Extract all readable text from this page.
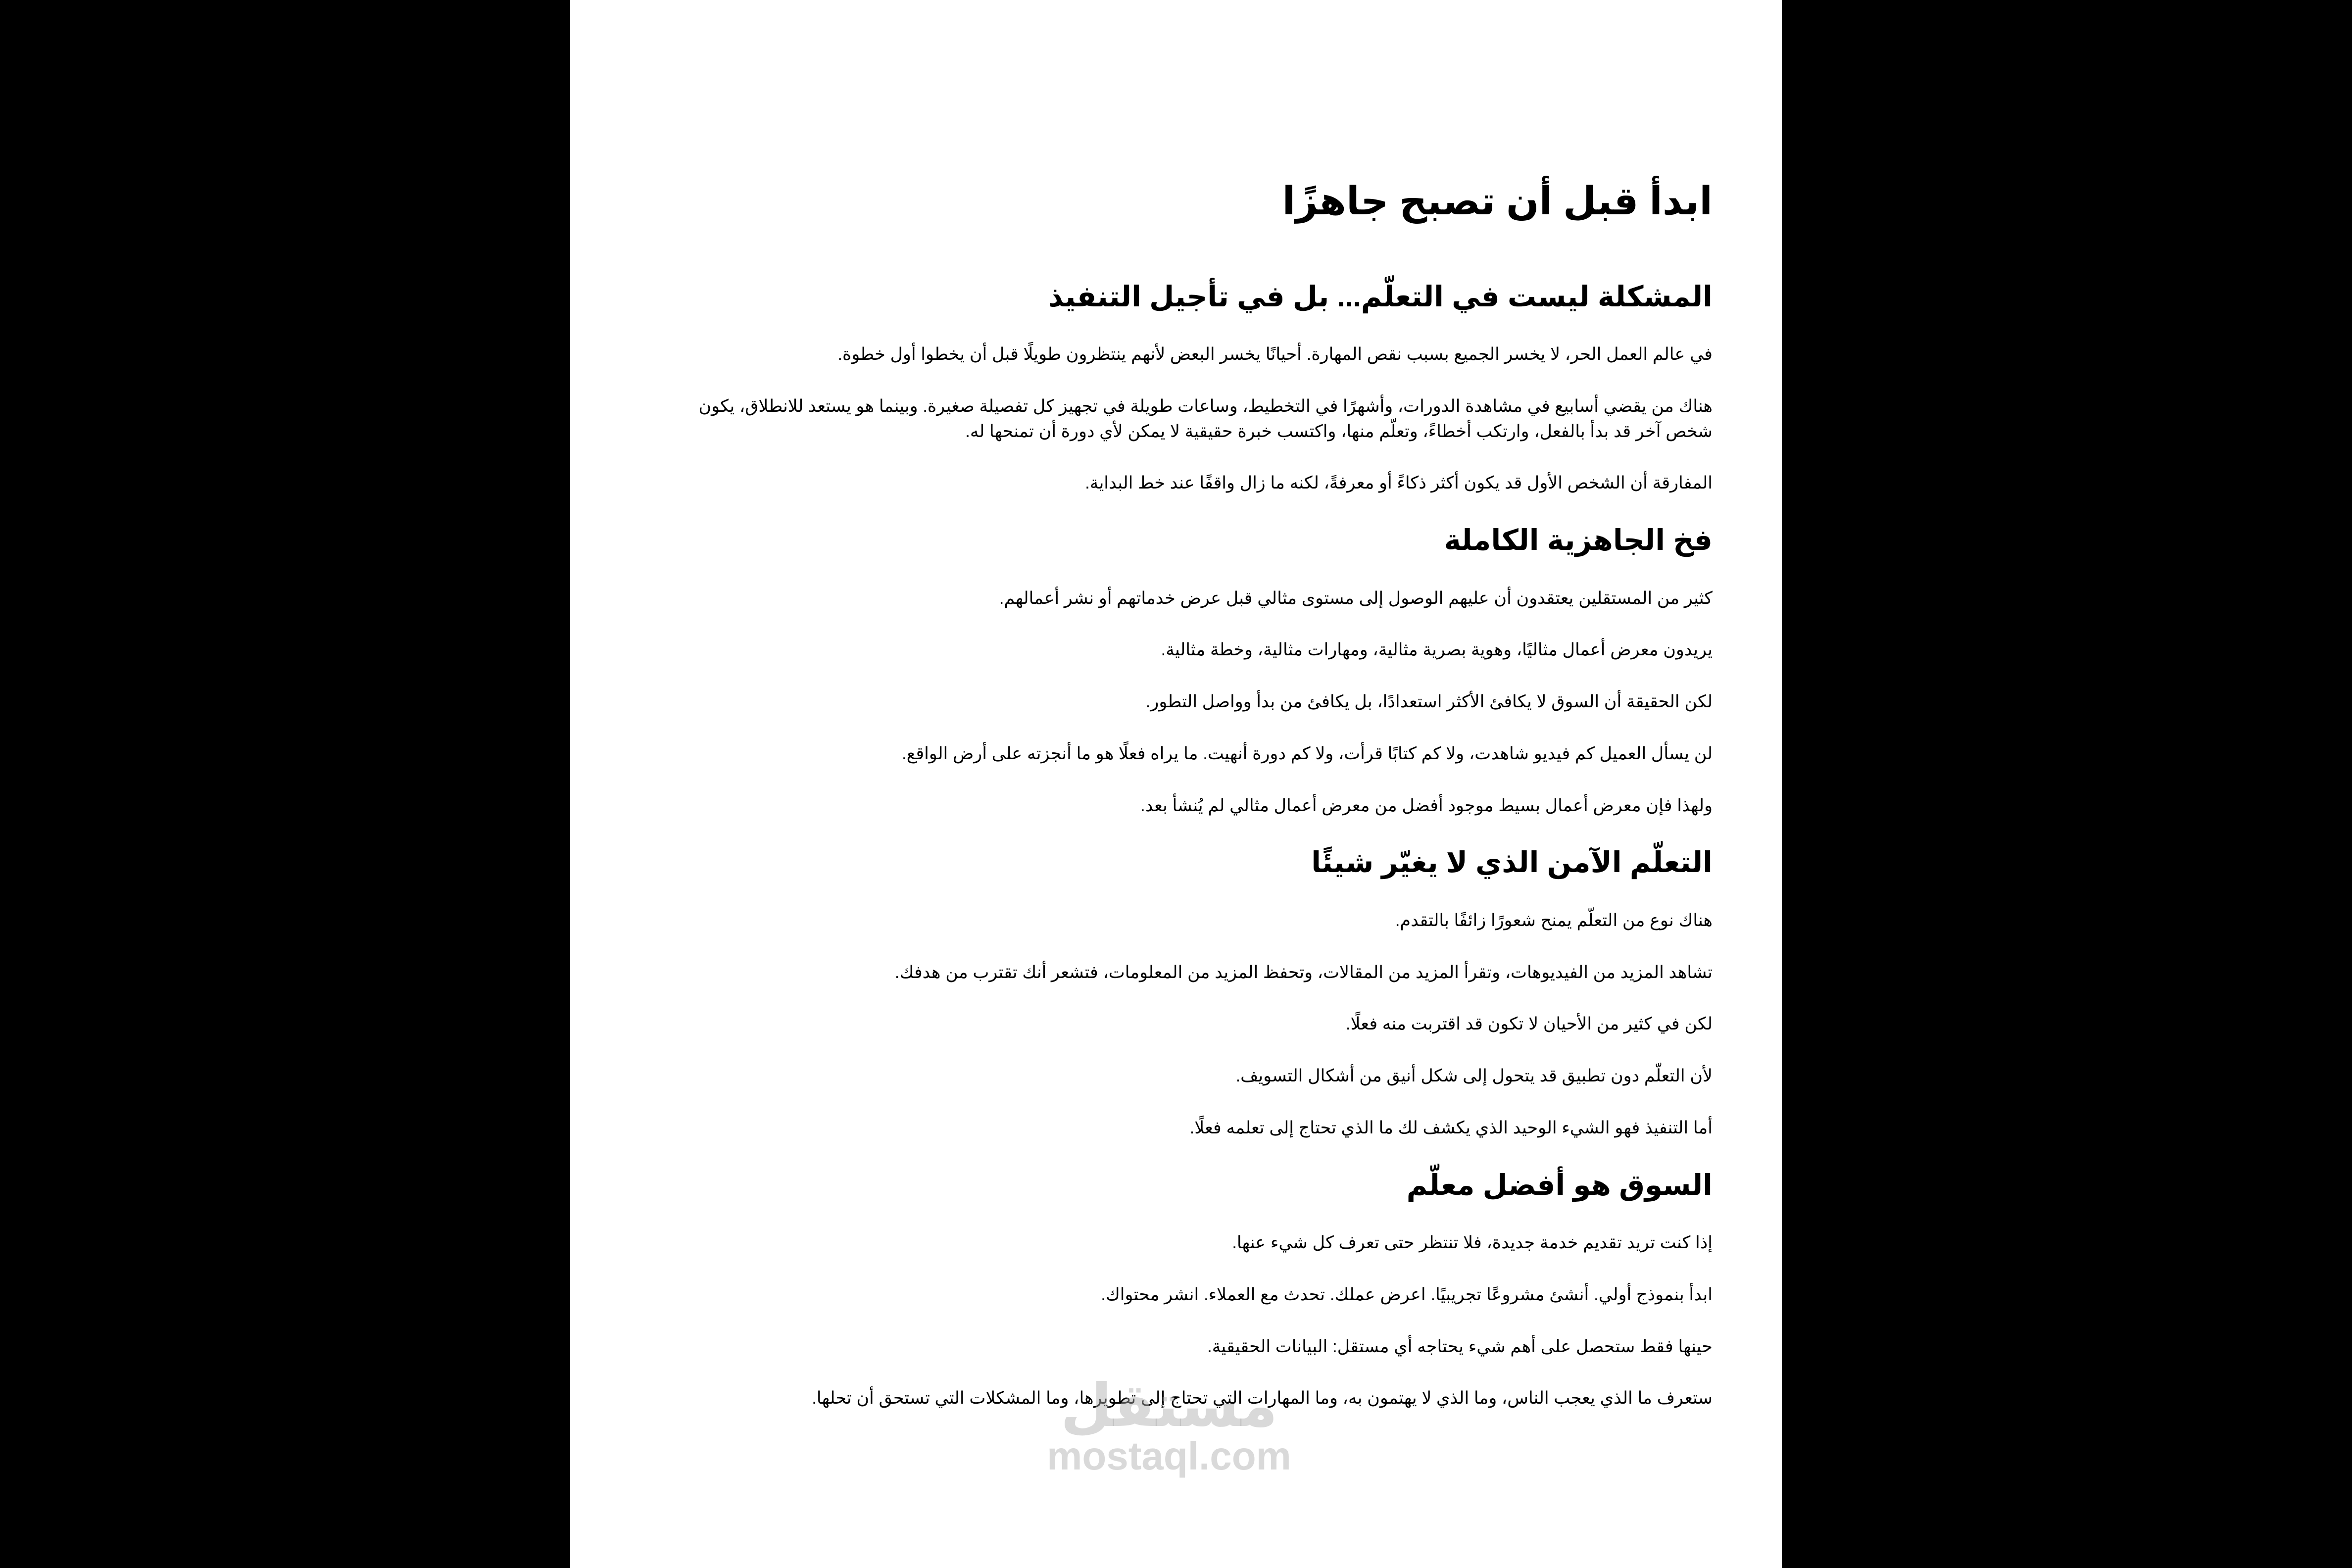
ابدأ قبل أن تصبح جاهزًا
المشكلة ليست في التعلّم... بل في تأجيل التنفيذ

في عالم العمل الحر، لا يخسر الجميع بسبب نقص المهارة. أحيانًا يخسر البعض لأنهم ينتظرون طويلًا قبل أن يخطوا أول خطوة.

هناك من يقضي أسابيع في مشاهدة الدورات، وأشهرًا في التخطيط، وساعات طويلة في تجهيز كل تفصيلة صغيرة. وبينما هو يستعد للانطلاق، يكون شخص آخر قد بدأ بالفعل، وارتكب أخطاءً، وتعلّم منها، واكتسب خبرة حقيقية لا يمكن لأي دورة أن تمنحها له.

المفارقة أن الشخص الأول قد يكون أكثر ذكاءً أو معرفةً، لكنه ما زال واقفًا عند خط البداية.

فخ الجاهزية الكاملة

كثير من المستقلين يعتقدون أن عليهم الوصول إلى مستوى مثالي قبل عرض خدماتهم أو نشر أعمالهم.

يريدون معرض أعمال مثاليًا، وهوية بصرية مثالية، ومهارات مثالية، وخطة مثالية.

لكن الحقيقة أن السوق لا يكافئ الأكثر استعدادًا، بل يكافئ من بدأ وواصل التطور.

لن يسأل العميل كم فيديو شاهدت، ولا كم كتابًا قرأت، ولا كم دورة أنهيت. ما يراه فعلًا هو ما أنجزته على أرض الواقع.

ولهذا فإن معرض أعمال بسيط موجود أفضل من معرض أعمال مثالي لم يُنشأ بعد.

التعلّم الآمن الذي لا يغيّر شيئًا

هناك نوع من التعلّم يمنح شعورًا زائفًا بالتقدم.

تشاهد المزيد من الفيديوهات، وتقرأ المزيد من المقالات، وتحفظ المزيد من المعلومات، فتشعر أنك تقترب من هدفك.

لكن في كثير من الأحيان لا تكون قد اقتربت منه فعلًا.

لأن التعلّم دون تطبيق قد يتحول إلى شكل أنيق من أشكال التسويف.

أما التنفيذ فهو الشيء الوحيد الذي يكشف لك ما الذي تحتاج إلى تعلمه فعلًا.

السوق هو أفضل معلّم

إذا كنت تريد تقديم خدمة جديدة، فلا تنتظر حتى تعرف كل شيء عنها.

ابدأ بنموذج أولي. أنشئ مشروعًا تجريبيًا. اعرض عملك. تحدث مع العملاء. انشر محتواك.

حينها فقط ستحصل على أهم شيء يحتاجه أي مستقل: البيانات الحقيقية.

ستعرف ما الذي يعجب الناس، وما الذي لا يهتمون به، وما المهارات التي تحتاج إلى تطويرها، وما المشكلات التي تستحق أن تحلها.

مستقل
mostaql.com
